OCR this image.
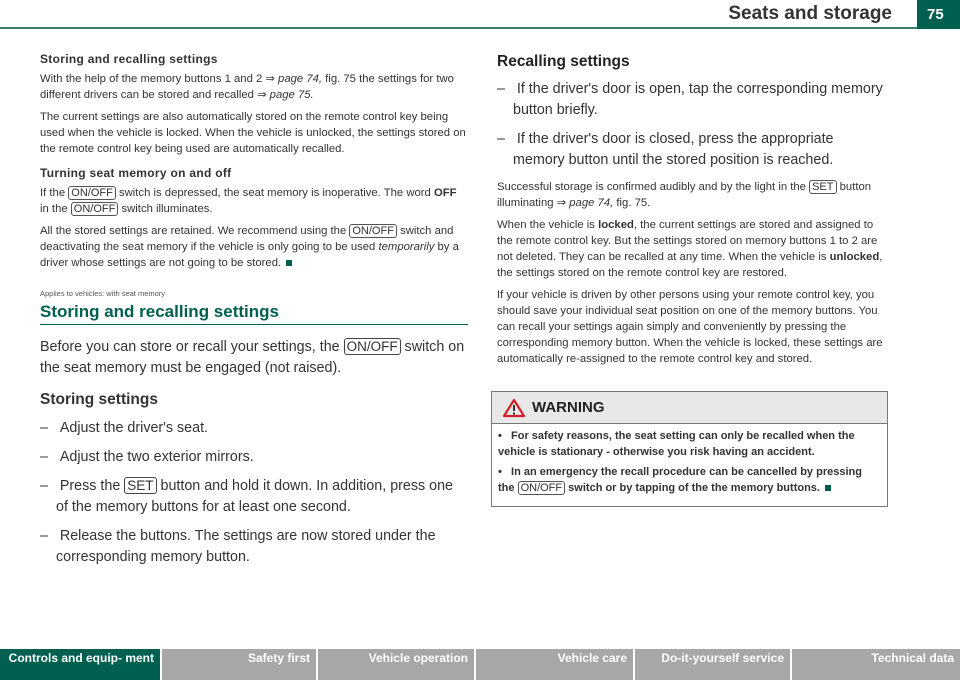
Seats and storage	75
Storing and recalling settings

With the help of the memory buttons 1 and 2 ⇒ page 74, fig. 75 the settings for two different drivers can be stored and recalled ⇒ page 75.

The current settings are also automatically stored on the remote control key being used when the vehicle is locked. When the vehicle is unlocked, the settings stored on the remote control key being used are automatically recalled.

Turning seat memory on and off

If the ON/OFF switch is depressed, the seat memory is inoperative. The word OFF in the ON/OFF switch illuminates.

All the stored settings are retained. We recommend using the ON/OFF switch and deactivating the seat memory if the vehicle is only going to be used temporarily by a driver whose settings are not going to be stored.

Applies to vehicles: with seat memory
Storing and recalling settings

Before you can store or recall your settings, the ON/OFF switch on the seat memory must be engaged (not raised).

Storing settings

–   Adjust the driver's seat.

–   Adjust the two exterior mirrors.

–   Press the SET button and hold it down. In addition, press one of the memory buttons for at least one second.

–   Release the buttons. The settings are now stored under the corresponding memory button.

Recalling settings

–   If the driver's door is open, tap the corresponding memory button briefly.

–   If the driver's door is closed, press the appropriate memory button until the stored position is reached.

Successful storage is confirmed audibly and by the light in the SET button illuminating ⇒ page 74, fig. 75.

When the vehicle is locked, the current settings are stored and assigned to the remote control key. But the settings stored on memory buttons 1 to 2 are not deleted. They can be recalled at any time. When the vehicle is unlocked, the settings stored on the remote control key are restored.

If your vehicle is driven by other persons using your remote control key, you should save your individual seat position on one of the memory buttons. You can recall your settings again simply and conveniently by pressing the corresponding memory button. When the vehicle is locked, these settings are automatically re-assigned to the remote control key and stored.

WARNING

•   For safety reasons, the seat setting can only be recalled when the vehicle is stationary - otherwise you risk having an accident.

•   In an emergency the recall procedure can be cancelled by pressing the ON/OFF switch or by tapping of the the memory buttons.

Controls and equip- ment	Safety first	Vehicle operation	Vehicle care	Do-it-yourself service	Technical data
